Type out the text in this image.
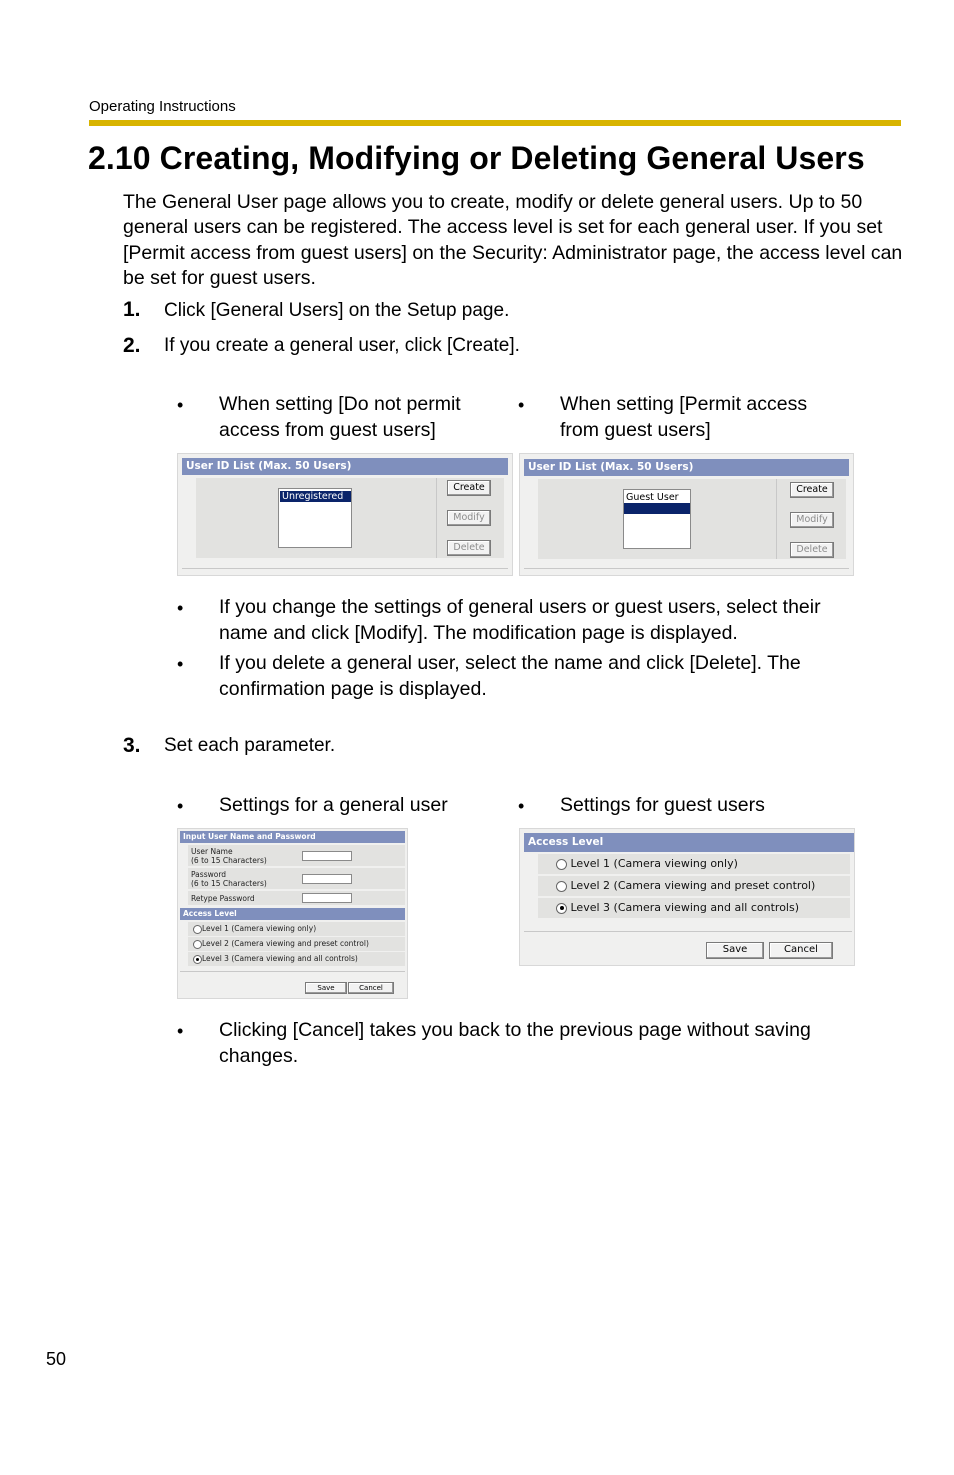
Operating Instructions
2.10 Creating, Modifying or Deleting General Users
The General User page allows you to create, modify or delete general users. Up to 50 general users can be registered. The access level is set for each general user. If you set [Permit access from guest users] on the Security: Administrator page, the access level can be set for guest users.
1. Click [General Users] on the Setup page.
2. If you create a general user, click [Create].
• When setting [Do not permit access from guest users]
• When setting [Permit access from guest users]
User ID List (Max. 50 Users)
Unregistered
Create
Modify
Delete
User ID List (Max. 50 Users)
Guest User
Create
Modify
Delete
• If you change the settings of general users or guest users, select their name and click [Modify]. The modification page is displayed.
• If you delete a general user, select the name and click [Delete]. The confirmation page is displayed.
3. Set each parameter.
• Settings for a general user	• Settings for guest users
Input User Name and Password
User Name
(6 to 15 Characters)
Password
(6 to 15 Characters)
Retype Password
Access Level
Level 1 (Camera viewing only)
Level 2 (Camera viewing and preset control)
Level 3 (Camera viewing and all controls)
Save	Cancel
Access Level
Level 1 (Camera viewing only)
Level 2 (Camera viewing and preset control)
Level 3 (Camera viewing and all controls)
Save	Cancel
• Clicking [Cancel] takes you back to the previous page without saving changes.
50
